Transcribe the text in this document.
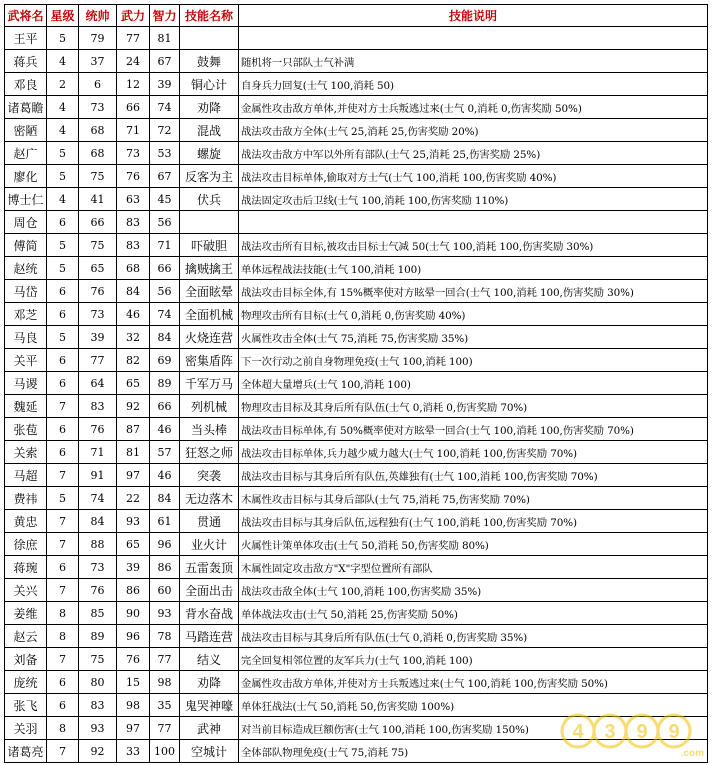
武将名	星级	统帅	武力	智力	技能名称	技能说明
王平	5	79	77	81		
蒋兵	4	37	24	67	鼓舞	随机将一只部队士气补满
邓良	2	6	12	39	铜心计	自身兵力回复(士气 100,消耗 50)
诸葛瞻	4	73	66	74	劝降	金属性攻击敌方单体,并使对方士兵叛逃过来(士气 0,消耗 0,伤害奖励 50%)
密陋	4	68	71	72	混战	战法攻击敌方全体(士气 25,消耗 25,伤害奖励 20%)
赵广	5	68	73	53	螺旋	战法攻击敌方中军以外所有部队(士气 25,消耗 25,伤害奖励 25%)
廖化	5	75	76	67	反客为主	战法攻击目标单体,偷取对方士气(士气 100,消耗 100,伤害奖励 40%)
博士仁	4	41	63	45	伏兵	战法固定攻击后卫线(士气 100,消耗 100,伤害奖励 110%)
周仓	6	66	83	56		
傅简	5	75	83	71	吓破胆	战法攻击所有目标,被攻击目标士气减 50(士气 100,消耗 100,伤害奖励 30%)
赵统	5	65	68	66	擒贼擒王	单体远程战法技能(士气 100,消耗 100)
马岱	6	76	84	56	全面眩晕	战法攻击目标全体,有 15%概率使对方眩晕一回合(士气 100,消耗 100,伤害奖励 30%)
邓芝	6	73	46	74	全面机械	物理攻击所有目标(士气 0,消耗 0,伤害奖励 40%)
马良	5	39	32	84	火烧连营	火属性攻击全体(士气 75,消耗 75,伤害奖励 35%)
关平	6	77	82	69	密集盾阵	下一次行动之前自身物理免疫(士气 100,消耗 100)
马谡	6	64	65	89	千军万马	全体超大量增兵(士气 100,消耗 100)
魏延	7	83	92	66	列机械	物理攻击目标及其身后所有队伍(士气 0,消耗 0,伤害奖励 70%)
张苞	6	76	87	46	当头棒	战法攻击目标单体,有 50%概率使对方眩晕一回合(士气 100,消耗 100,伤害奖励 70%)
关索	6	71	81	57	狂怒之师	战法攻击目标单体,兵力越少威力越大(士气 100,消耗 100,伤害奖励 70%)
马超	7	91	97	46	突袭	战法攻击目标与其身后所有队伍,英雄独有(士气 100,消耗 100,伤害奖励 70%)
费祎	5	74	22	84	无边落木	木属性攻击目标与其身后部队(士气 75,消耗 75,伤害奖励 70%)
黄忠	7	84	93	61	贯通	战法攻击目标与其身后队伍,远程独有(士气 100,消耗 100,伤害奖励 70%)
徐庶	7	88	65	96	业火计	火属性计策单体攻击(士气 50,消耗 50,伤害奖励 80%)
蒋琬	6	73	39	86	五雷轰顶	木属性固定攻击敌方"X"字型位置所有部队
关兴	7	76	86	60	全面出击	战法攻击敌全体(士气 100,消耗 100,伤害奖励 35%)
姜维	8	85	90	93	背水奋战	单体战法攻击(士气 50,消耗 25,伤害奖励 50%)
赵云	8	89	96	78	马踏连营	战法攻击目标与其身后所有队伍(士气 0,消耗 0,伤害奖励 35%)
刘备	7	75	76	77	结义	完全回复相邻位置的友军兵力(士气 100,消耗 100)
庞统	6	80	15	98	劝降	金属性攻击敌方单体,并使对方士兵叛逃过来(士气 100,消耗 100,伤害奖励 50%)
张飞	6	83	98	35	鬼哭神嚎	单体狂战法(士气 50,消耗 50,伤害奖励 100%)
关羽	8	93	97	77	武神	对当前目标造成巨额伤害(士气 100,消耗 100,伤害奖励 150%)
诸葛亮	7	92	33	100	空城计	全体部队物理免疫(士气 75,消耗 75)
4 3 9 9
.com
